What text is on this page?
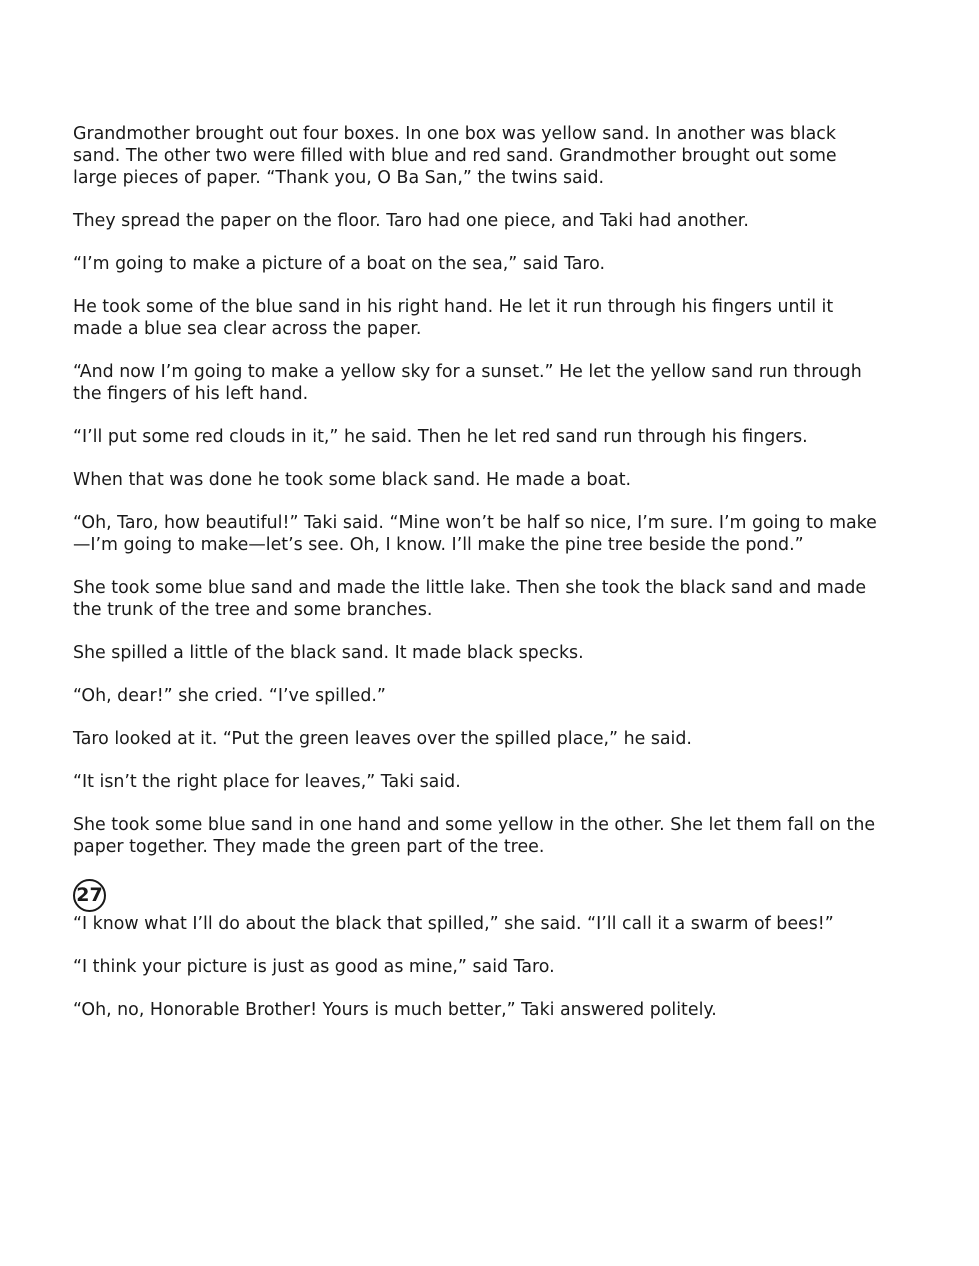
Grandmother brought out four boxes. In one box was yellow sand. In another was black sand. The other two were filled with blue and red sand. Grandmother brought out some large pieces of paper. “Thank you, O Ba San,” the twins said.

They spread the paper on the floor. Taro had one piece, and Taki had another.

“I’m going to make a picture of a boat on the sea,” said Taro.

He took some of the blue sand in his right hand. He let it run through his fingers until it made a blue sea clear across the paper.

“And now I’m going to make a yellow sky for a sunset.” He let the yellow sand run through the fingers of his left hand.

“I’ll put some red clouds in it,” he said. Then he let red sand run through his fingers.

When that was done he took some black sand. He made a boat.

“Oh, Taro, how beautiful!” Taki said. “Mine won’t be half so nice, I’m sure. I’m going to make—I’m going to make—let’s see. Oh, I know. I’ll make the pine tree beside the pond.”

She took some blue sand and made the little lake. Then she took the black sand and made the trunk of the tree and some branches.

She spilled a little of the black sand. It made black specks.

“Oh, dear!” she cried. “I’ve spilled.”

Taro looked at it. “Put the green leaves over the spilled place,” he said.

“It isn’t the right place for leaves,” Taki said.

She took some blue sand in one hand and some yellow in the other. She let them fall on the paper together. They made the green part of the tree.

27

“I know what I’ll do about the black that spilled,” she said. “I’ll call it a swarm of bees!”

“I think your picture is just as good as mine,” said Taro.

“Oh, no, Honorable Brother! Yours is much better,” Taki answered politely.
